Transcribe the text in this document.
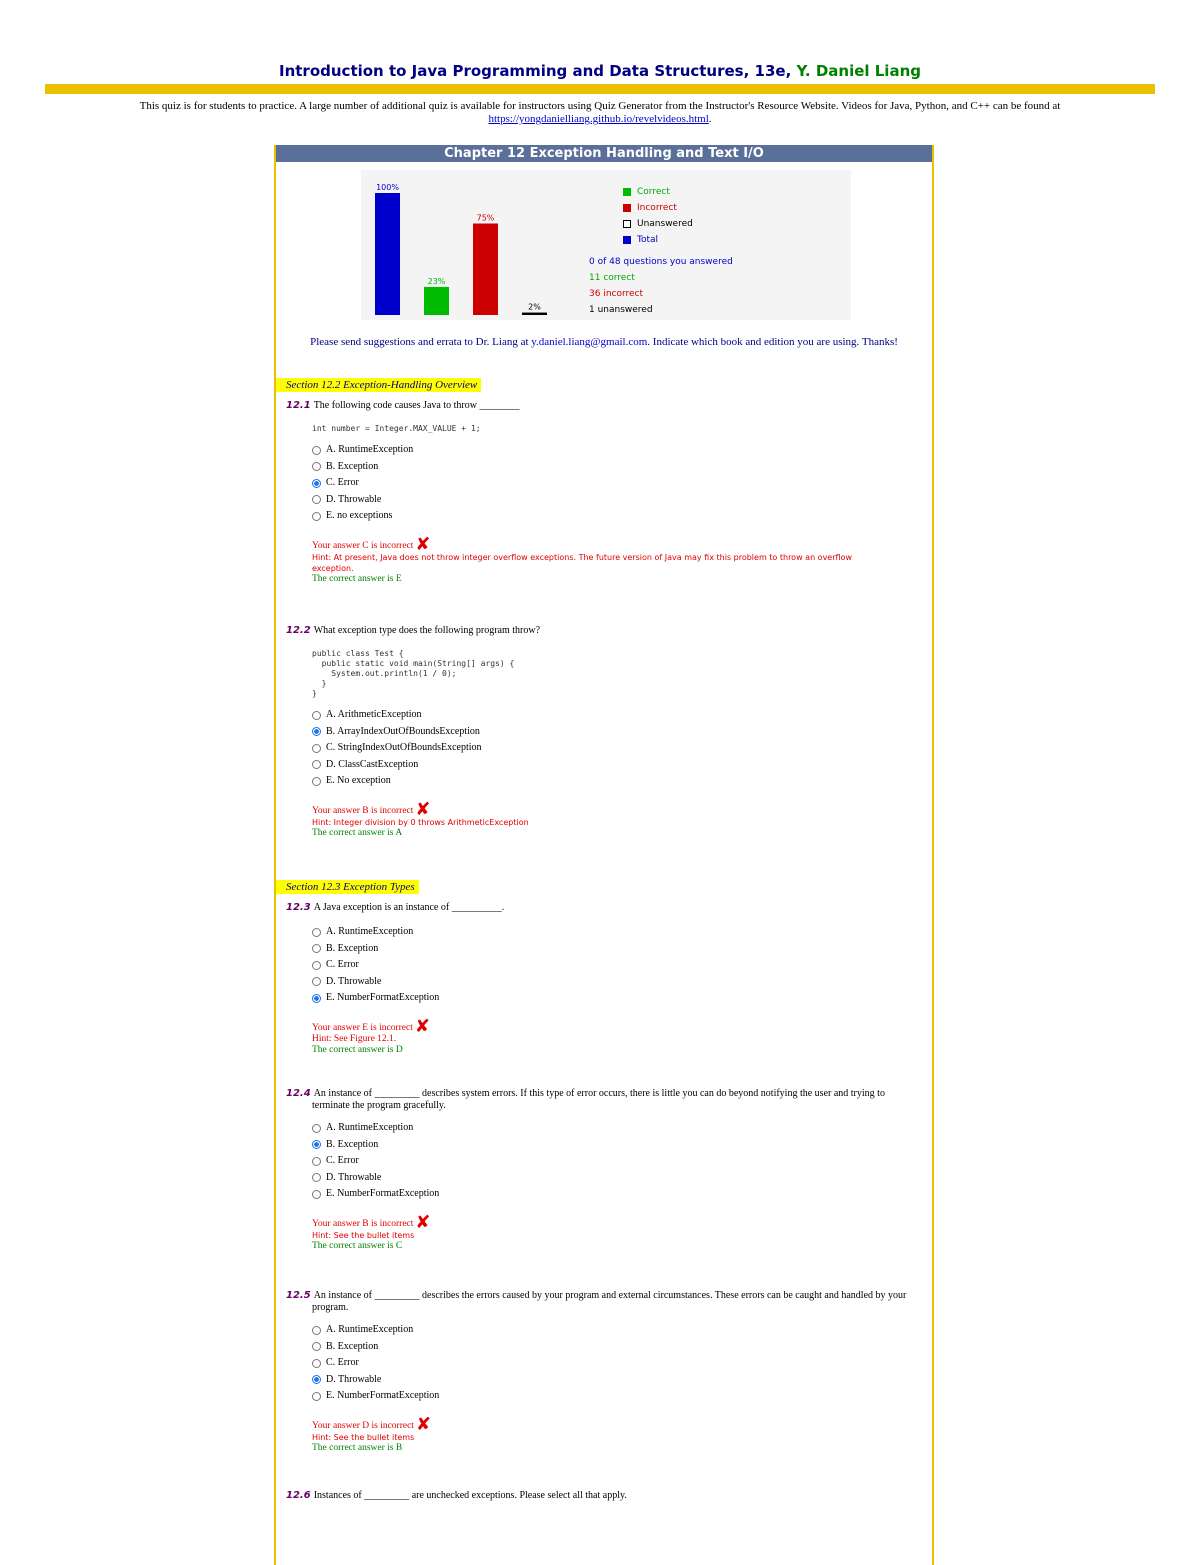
Introduction to Java Programming and Data Structures, 13e, Y. Daniel Liang
This quiz is for students to practice. A large number of additional quiz is available for instructors using Quiz Generator from the Instructor's Resource Website. Videos for Java, Python, and C++ can be found at
https://yongdanielliang.github.io/revelvideos.html.
Chapter 12 Exception Handling and Text I/O
100%
23%
75%
2%
Correct
Incorrect
Unanswered
Total
0 of 48 questions you answered
11 correct
36 incorrect
1 unanswered
Please send suggestions and errata to Dr. Liang at y.daniel.liang@gmail.com. Indicate which book and edition you are using. Thanks!
Section 12.2 Exception-Handling Overview
12.1 The following code causes Java to throw ________
int number = Integer.MAX_VALUE + 1;
A. RuntimeException
B. Exception
C. Error
D. Throwable
E. no exceptions
Your answer C is incorrect ✘
Hint: At present, Java does not throw integer overflow exceptions. The future version of Java may fix this problem to throw an overflow exception.
The correct answer is E
12.2 What exception type does the following program throw?
public class Test {
public static void main(String[] args) {
System.out.println(1 / 0);
}
}
A. ArithmeticException
B. ArrayIndexOutOfBoundsException
C. StringIndexOutOfBoundsException
D. ClassCastException
E. No exception
Your answer B is incorrect ✘
Hint: Integer division by 0 throws ArithmeticException
The correct answer is A
Section 12.3 Exception Types
12.3 A Java exception is an instance of __________.
A. RuntimeException
B. Exception
C. Error
D. Throwable
E. NumberFormatException
Your answer E is incorrect ✘
Hint: See Figure 12.1.
The correct answer is D
12.4 An instance of _________ describes system errors. If this type of error occurs, there is little you can do beyond notifying the user and trying to terminate the program gracefully.
A. RuntimeException
B. Exception
C. Error
D. Throwable
E. NumberFormatException
Your answer B is incorrect ✘
Hint: See the bullet items
The correct answer is C
12.5 An instance of _________ describes the errors caused by your program and external circumstances. These errors can be caught and handled by your program.
A. RuntimeException
B. Exception
C. Error
D. Throwable
E. NumberFormatException
Your answer D is incorrect ✘
Hint: See the bullet items
The correct answer is B
12.6 Instances of _________ are unchecked exceptions. Please select all that apply.
